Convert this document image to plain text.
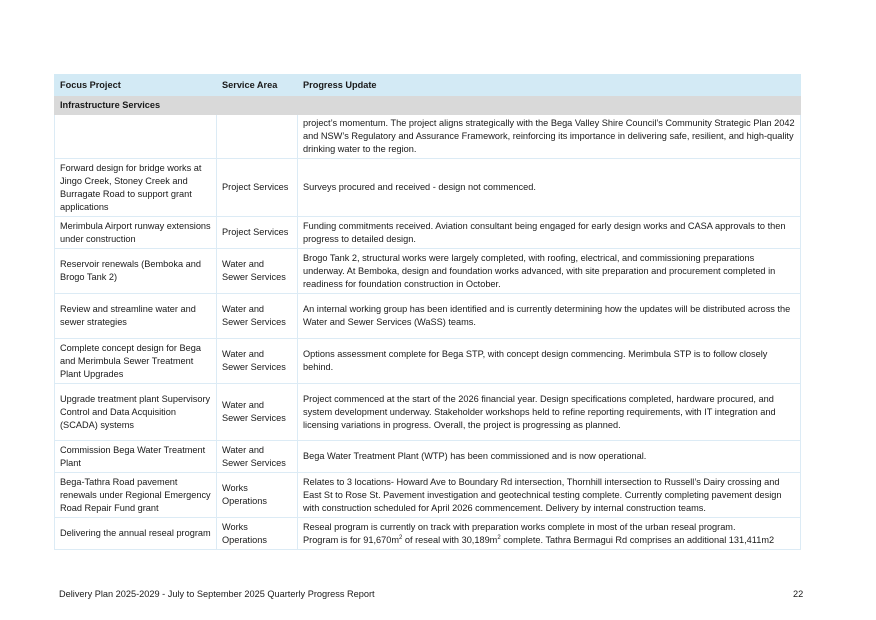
Focus Project	Service Area	Progress Update
Infrastructure Services		
		project’s momentum. The project aligns strategically with the Bega Valley Shire Council’s Community Strategic Plan 2042 and NSW’s Regulatory and Assurance Framework, reinforcing its importance in delivering safe, resilient, and high-quality drinking water to the region.
Forward design for bridge works at Jingo Creek, Stoney Creek and Burragate Road to support grant applications	Project Services	Surveys procured and received - design not commenced.
Merimbula Airport runway extensions under construction	Project Services	Funding commitments received. Aviation consultant being engaged for early design works and CASA approvals to then progress to detailed design.
Reservoir renewals (Bemboka and Brogo Tank 2)	Water and Sewer Services	Brogo Tank 2, structural works were largely completed, with roofing, electrical, and commissioning preparations underway. At Bemboka, design and foundation works advanced, with site preparation and procurement completed in readiness for foundation construction in October.
Review and streamline water and sewer strategies	Water and Sewer Services	An internal working group has been identified and is currently determining how the updates will be distributed across the Water and Sewer Services (WaSS) teams.
Complete concept design for Bega and Merimbula Sewer Treatment Plant Upgrades	Water and Sewer Services	Options assessment complete for Bega STP, with concept design commencing. Merimbula STP is to follow closely behind.
Upgrade treatment plant Supervisory Control and Data Acquisition (SCADA) systems	Water and Sewer Services	Project commenced at the start of the 2026 financial year. Design specifications completed, hardware procured, and system development underway. Stakeholder workshops held to refine reporting requirements, with IT integration and licensing variations in progress. Overall, the project is progressing as planned.
Commission Bega Water Treatment Plant	Water and Sewer Services	Bega Water Treatment Plant (WTP) has been commissioned and is now operational.
Bega-Tathra Road pavement renewals under Regional Emergency Road Repair Fund grant	Works Operations	Relates to 3 locations- Howard Ave to Boundary Rd intersection, Thornhill intersection to Russell’s Dairy crossing and East St to Rose St. Pavement investigation and geotechnical testing complete. Currently completing pavement design with construction scheduled for April 2026 commencement. Delivery by internal construction teams.
Delivering the annual reseal program	Works Operations	Reseal program is currently on track with preparation works complete in most of the urban reseal program.
Program is for $91,670m^2$ of reseal with $30,189m^2$ complete. Tathra Bermagui Rd comprises an additional 131,411m2
Delivery Plan 2025-2029 - July to September 2025 Quarterly Progress Report	22
